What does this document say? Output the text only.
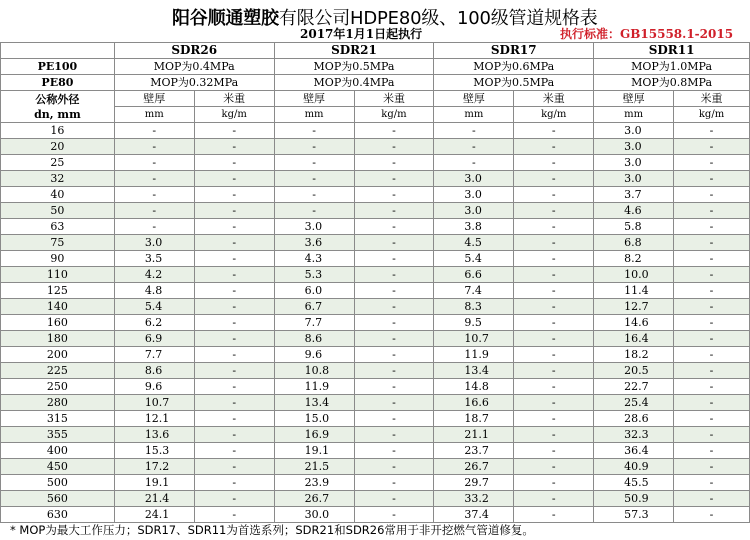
阳谷顺通塑胶有限公司HDPE80级、100级管道规格表
2017年1月1日起执行	执行标准：GB15558.1-2015
	SDR26		SDR21		SDR17		SDR11	
PE100	MOP为0.4MPa		MOP为0.5MPa		MOP为0.6MPa		MOP为1.0MPa	
PE80	MOP为0.32MPa		MOP为0.4MPa		MOP为0.5MPa		MOP为0.8MPa	
公称外径
dn, mm	壁厚	米重	壁厚	米重	壁厚	米重	壁厚	米重
	mm	kg/m	mm	kg/m	mm	kg/m	mm	kg/m
16	-	-	-	-	-	-	3.0	-
20	-	-	-	-	-	-	3.0	-
25	-	-	-	-	-	-	3.0	-
32	-	-	-	-	3.0	-	3.0	-
40	-	-	-	-	3.0	-	3.7	-
50	-	-	-	-	3.0	-	4.6	-
63	-	-	3.0	-	3.8	-	5.8	-
75	3.0	-	3.6	-	4.5	-	6.8	-
90	3.5	-	4.3	-	5.4	-	8.2	-
110	4.2	-	5.3	-	6.6	-	10.0	-
125	4.8	-	6.0	-	7.4	-	11.4	-
140	5.4	-	6.7	-	8.3	-	12.7	-
160	6.2	-	7.7	-	9.5	-	14.6	-
180	6.9	-	8.6	-	10.7	-	16.4	-
200	7.7	-	9.6	-	11.9	-	18.2	-
225	8.6	-	10.8	-	13.4	-	20.5	-
250	9.6	-	11.9	-	14.8	-	22.7	-
280	10.7	-	13.4	-	16.6	-	25.4	-
315	12.1	-	15.0	-	18.7	-	28.6	-
355	13.6	-	16.9	-	21.1	-	32.3	-
400	15.3	-	19.1	-	23.7	-	36.4	-
450	17.2	-	21.5	-	26.7	-	40.9	-
500	19.1	-	23.9	-	29.7	-	45.5	-
560	21.4	-	26.7	-	33.2	-	50.9	-
630	24.1	-	30.0	-	37.4	-	57.3	-
* MOP为最大工作压力；SDR17、SDR11为首选系列；SDR21和SDR26常用于非开挖燃气管道修复。
